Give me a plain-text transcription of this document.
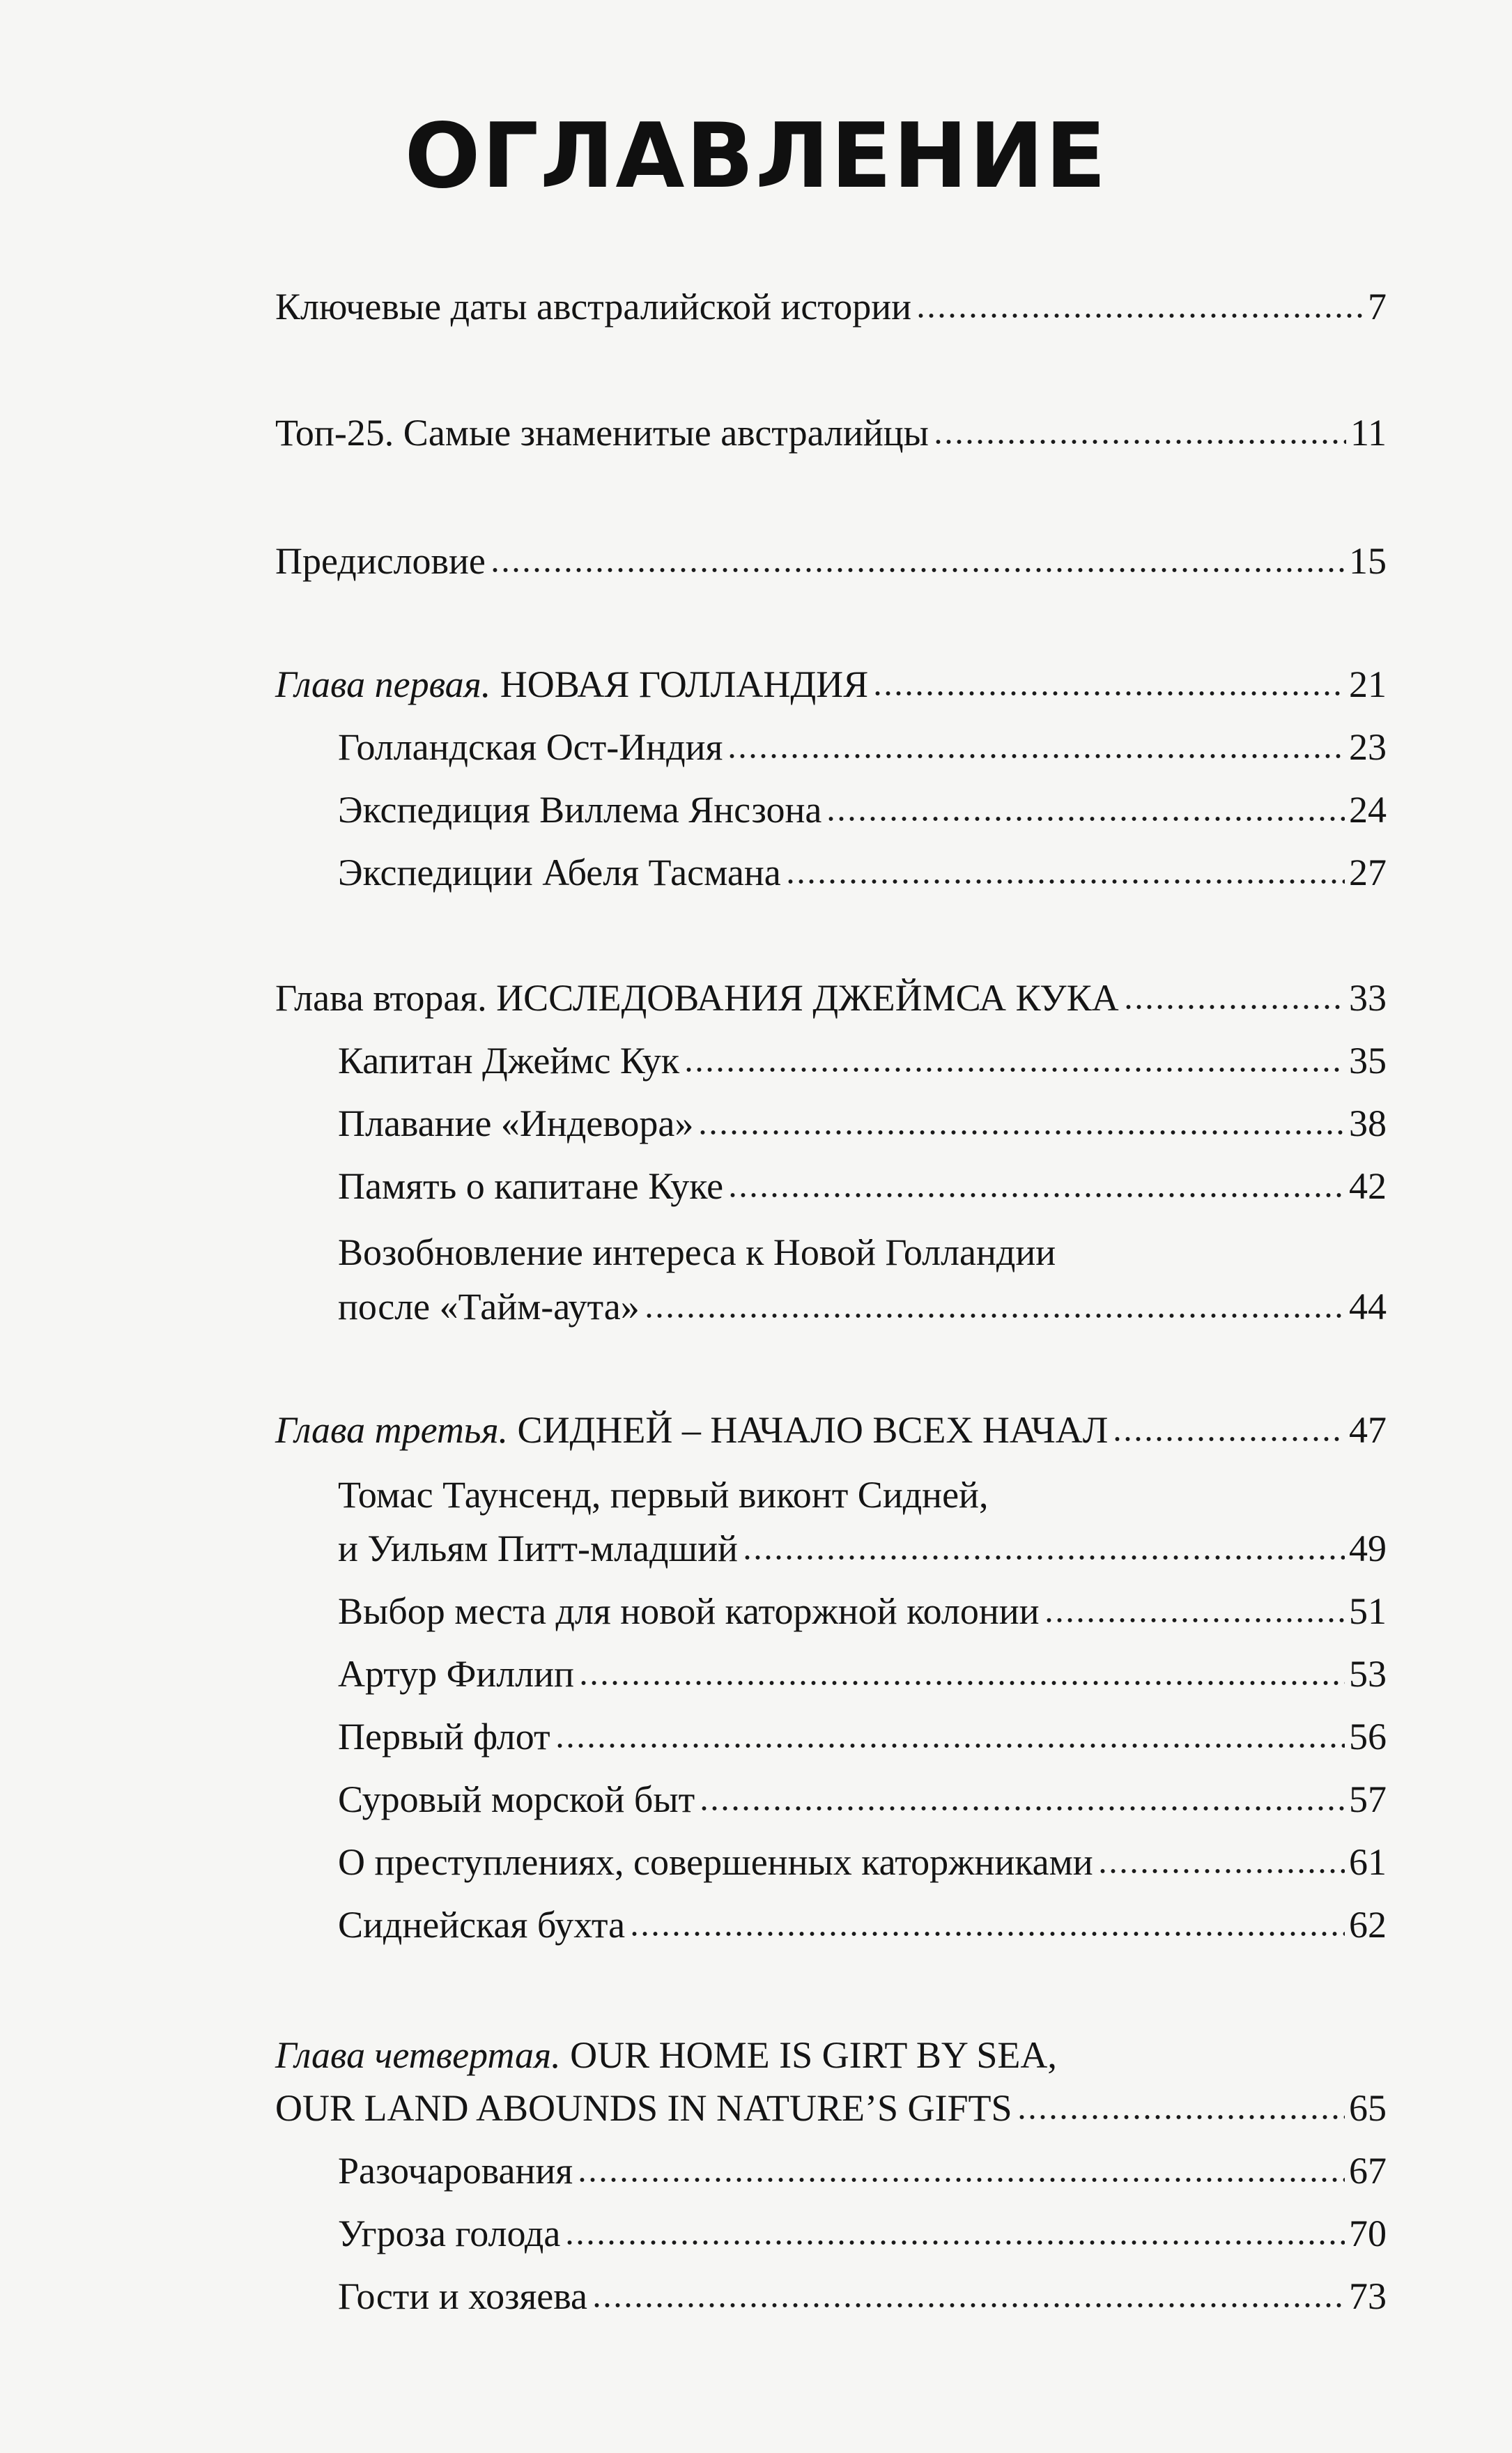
ОГЛАВЛЕНИЕ
Ключевые даты австралийской истории	7
Топ-25. Самые знаменитые австралийцы	11
Предисловие	15
Глава первая. НОВАЯ ГОЛЛАНДИЯ	21
Голландская Ост-Индия	23
Экспедиция Виллема Янсзона	24
Экспедиции Абеля Тасмана	27
Глава вторая. ИССЛЕДОВАНИЯ ДЖЕЙМСА КУКА	33
Капитан Джеймс Кук	35
Плавание «Индевора»	38
Память о капитане Куке	42
Возобновление интереса к Новой Голландии
после «Тайм-аута»	44
Глава третья. СИДНЕЙ – НАЧАЛО ВСЕХ НАЧАЛ	47
Томас Таунсенд, первый виконт Сидней,
и Уильям Питт-младший	49
Выбор места для новой каторжной колонии	51
Артур Филлип	53
Первый флот	56
Суровый морской быт	57
О преступлениях, совершенных каторжниками	61
Сиднейская бухта	62
Глава четвертая. OUR HOME IS GIRT BY SEA,
OUR LAND ABOUNDS IN NATURE’S GIFTS	65
Разочарования	67
Угроза голода	70
Гости и хозяева	73
